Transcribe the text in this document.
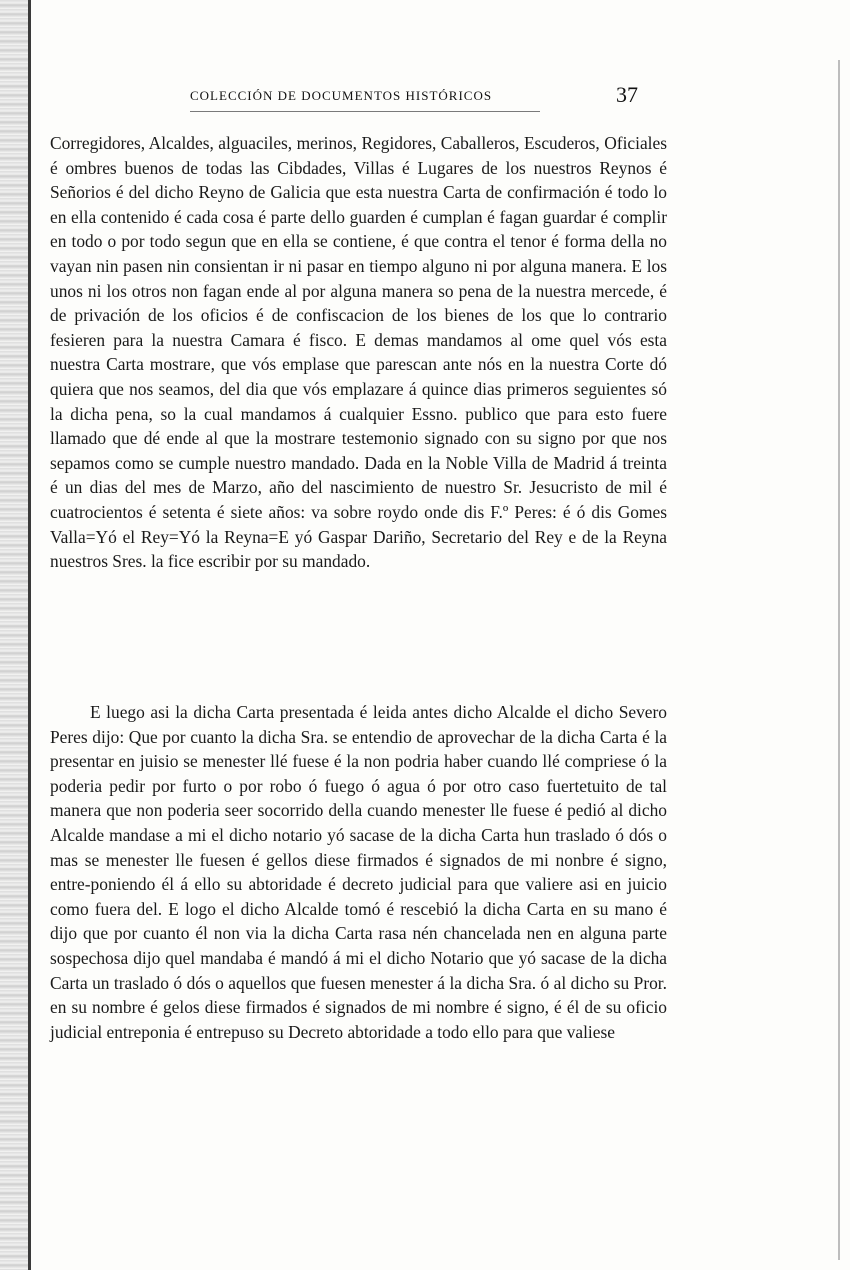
COLECCIÓN DE DOCUMENTOS HISTÓRICOS	37

Corregidores, Alcaldes, alguaciles, merinos, Regidores, Caballeros, Escuderos, Oficiales é ombres buenos de todas las Cibdades, Villas é Lugares de los nuestros Reynos é Señorios é del dicho Reyno de Galicia que esta nuestra Carta de confirmación é todo lo en ella contenido é cada cosa é parte dello guarden é cumplan é fagan guardar é complir en todo o por todo segun que en ella se contiene, é que contra el tenor é forma della no vayan nin pasen nin consientan ir ni pasar en tiempo alguno ni por alguna manera. E los unos ni los otros non fagan ende al por alguna manera so pena de la nuestra mercede, é de privación de los oficios é de confiscacion de los bienes de los que lo contrario fesieren para la nuestra Camara é fisco. E demas mandamos al ome quel vós esta nuestra Carta mostrare, que vós emplase que parescan ante nós en la nuestra Corte dó quiera que nos seamos, del dia que vós emplazare á quince dias primeros seguientes só la dicha pena, so la cual mandamos á cualquier Essno. publico que para esto fuere llamado que dé ende al que la mostrare testemonio signado con su signo por que nos sepamos como se cumple nuestro mandado. Dada en la Noble Villa de Madrid á treinta é un dias del mes de Marzo, año del nascimiento de nuestro Sr. Jesucristo de mil é cuatrocientos é setenta é siete años: va sobre roydo onde dis F.º Peres: é ó dis Gomes Valla=Yó el Rey=Yó la Reyna=E yó Gaspar Dariño, Secretario del Rey e de la Reyna nuestros Sres. la fice escribir por su mandado.

E luego asi la dicha Carta presentada é leida antes dicho Alcalde el dicho Severo Peres dijo: Que por cuanto la dicha Sra. se entendio de aprovechar de la dicha Carta é la presentar en juisio se menester llé fuese é la non podria haber cuando llé compriese ó la poderia pedir por furto o por robo ó fuego ó agua ó por otro caso fuertetuito de tal manera que non poderia seer socorrido della cuando menester lle fuese é pedió al dicho Alcalde mandase a mi el dicho notario yó sacase de la dicha Carta hun traslado ó dós o mas se menester lle fuesen é gellos diese firmados é signados de mi nonbre é signo, entre-poniendo él á ello su abtoridade é decreto judicial para que valiere asi en juicio como fuera del. E logo el dicho Alcalde tomó é rescebió la dicha Carta en su mano é dijo que por cuanto él non via la dicha Carta rasa nén chancelada nen en alguna parte sospechosa dijo quel mandaba é mandó á mi el dicho Notario que yó sacase de la dicha Carta un traslado ó dós o aquellos que fuesen menester á la dicha Sra. ó al dicho su Pror. en su nombre é gelos diese firmados é signados de mi nombre é signo, é él de su oficio judicial entreponia é entrepuso su Decreto abtoridade a todo ello para que valiese
